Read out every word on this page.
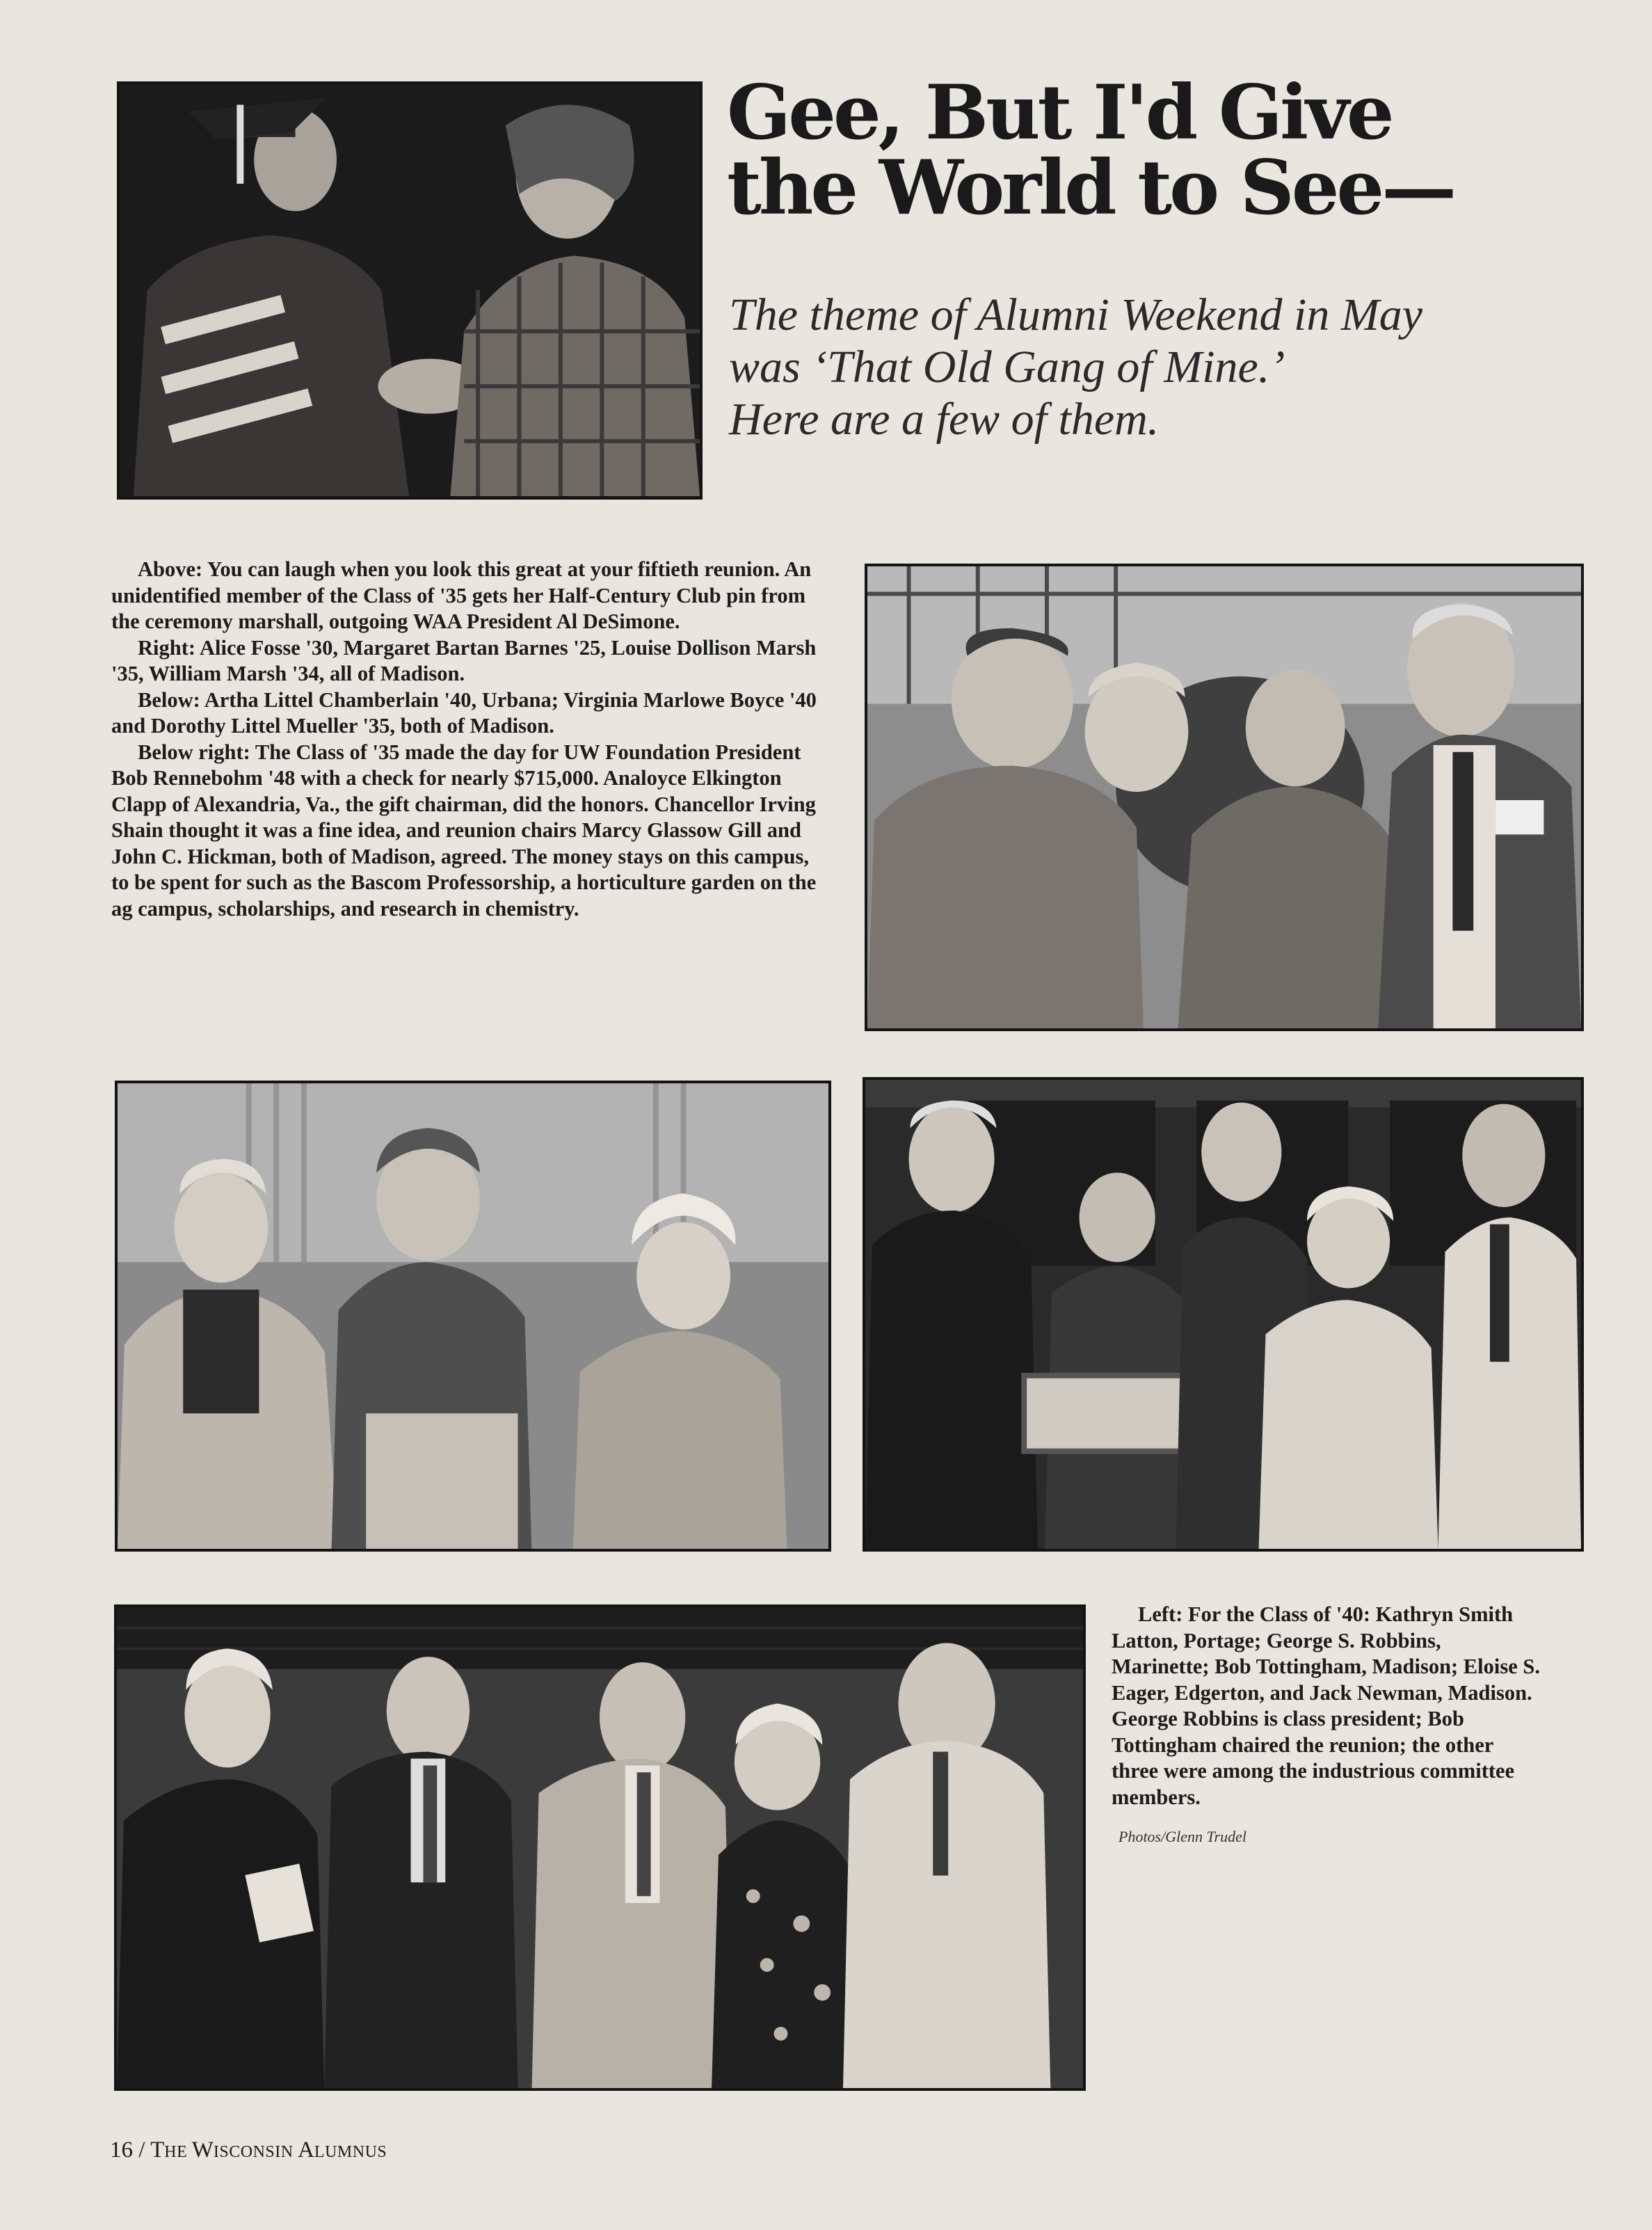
Gee, But I'd Give
the World to See—
The theme of Alumni Weekend in May
was ‘That Old Gang of Mine.’
Here are a few of them.

Above: You can laugh when you look this great at your fiftieth reunion. An unidentified member of the Class of '35 gets her Half-Century Club pin from the ceremony marshall, outgoing WAA President Al DeSimone.

Right: Alice Fosse '30, Margaret Bartan Barnes '25, Louise Dollison Marsh '35, William Marsh '34, all of Madison.

Below: Artha Littel Chamberlain '40, Urbana; Virginia Marlowe Boyce '40 and Dorothy Littel Mueller '35, both of Madison.

Below right: The Class of '35 made the day for UW Foundation President Bob Rennebohm '48 with a check for nearly $715,000. Analoyce Elkington Clapp of Alexandria, Va., the gift chairman, did the honors. Chancellor Irving Shain thought it was a fine idea, and reunion chairs Marcy Glassow Gill and John C. Hickman, both of Madison, agreed. The money stays on this campus, to be spent for such as the Bascom Professorship, a horticulture garden on the ag campus, scholarships, and research in chemistry.

Left: For the Class of '40: Kathryn Smith Latton, Portage; George S. Robbins, Marinette; Bob Tottingham, Madison; Eloise S. Eager, Edgerton, and Jack Newman, Madison. George Robbins is class president; Bob Tottingham chaired the reunion; the other three were among the industrious committee members.

Photos/Glenn Trudel
16 / THE WISCONSIN ALUMNUS
